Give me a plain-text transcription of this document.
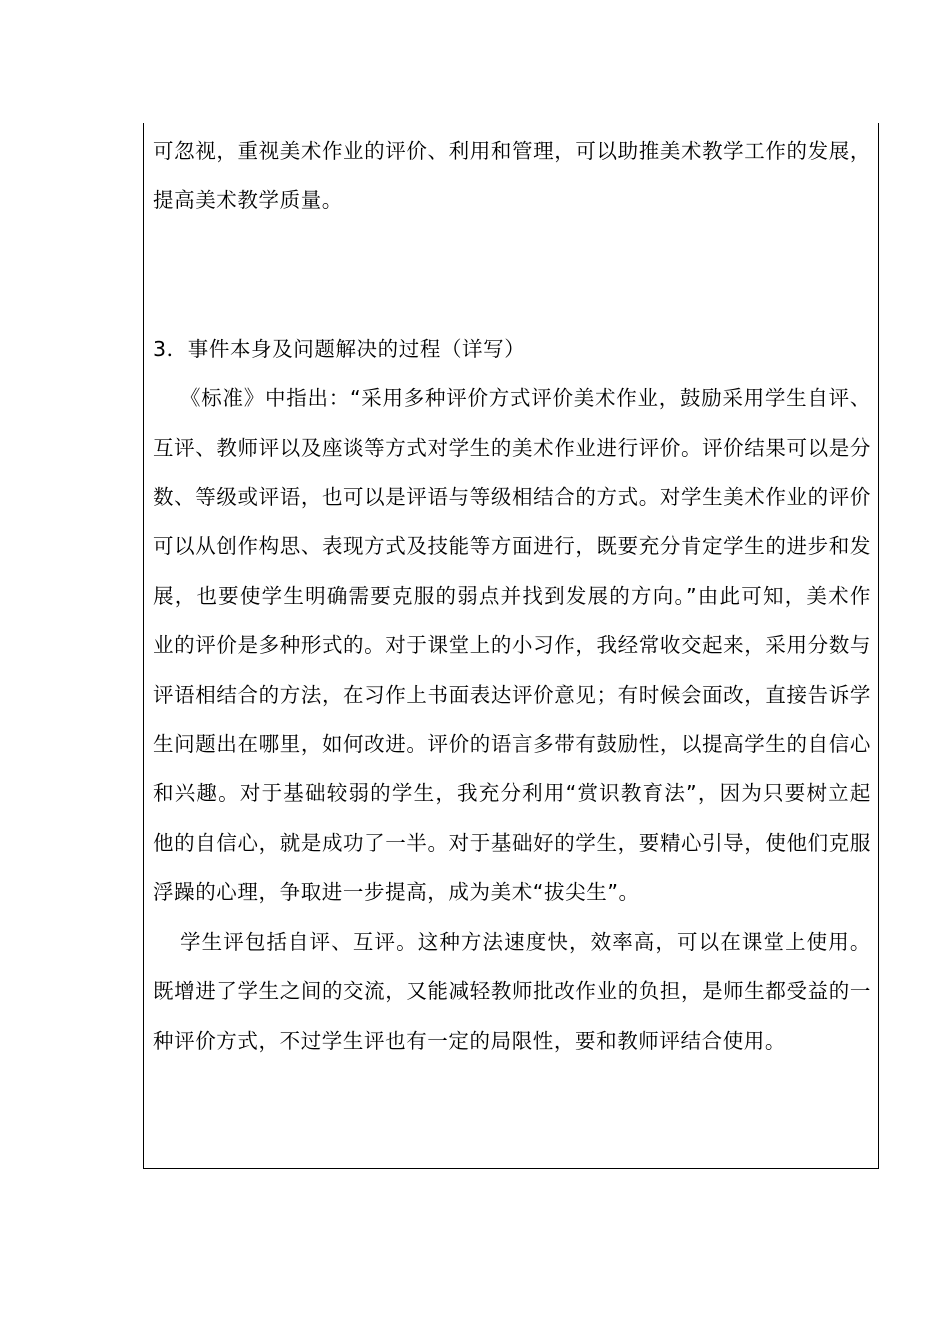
可忽视，重视美术作业的评价、利用和管理，可以助推美术教学工作的发展，提高美术教学质量。

3．事件本身及问题解决的过程（详写）

《标准》中指出：“采用多种评价方式评价美术作业，鼓励采用学生自评、互评、教师评以及座谈等方式对学生的美术作业进行评价。评价结果可以是分数、等级或评语，也可以是评语与等级相结合的方式。对学生美术作业的评价可以从创作构思、表现方式及技能等方面进行，既要充分肯定学生的进步和发展，也要使学生明确需要克服的弱点并找到发展的方向。”由此可知，美术作业的评价是多种形式的。对于课堂上的小习作，我经常收交起来，采用分数与评语相结合的方法，在习作上书面表达评价意见；有时候会面改，直接告诉学生问题出在哪里，如何改进。评价的语言多带有鼓励性，以提高学生的自信心和兴趣。对于基础较弱的学生，我充分利用“赏识教育法”，因为只要树立起他的自信心，就是成功了一半。对于基础好的学生，要精心引导，使他们克服浮躁的心理，争取进一步提高，成为美术“拔尖生”。

学生评包括自评、互评。这种方法速度快，效率高，可以在课堂上使用。既增进了学生之间的交流，又能减轻教师批改作业的负担，是师生都受益的一种评价方式，不过学生评也有一定的局限性，要和教师评结合使用。
